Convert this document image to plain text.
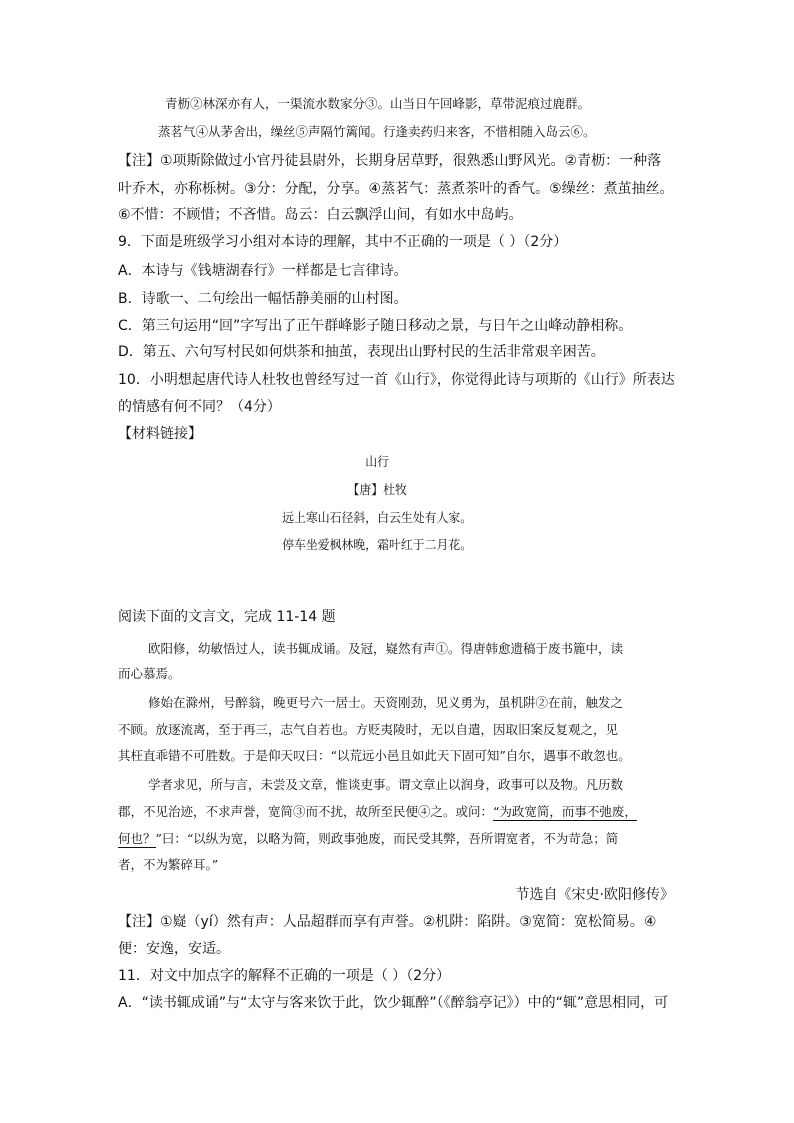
青枥②林深亦有人，一渠流水数家分③。山当日午回峰影，草带泥痕过鹿群。
蒸茗气④从茅舍出，缲丝⑤声隔竹篱闻。行逢卖药归来客，不惜相随入岛云⑥。
【注】①项斯除做过小官丹徒县尉外，长期身居草野，很熟悉山野风光。②青枥：一种落
叶乔木，亦称栎树。③分：分配，分享。④蒸茗气：蒸煮茶叶的香气。⑤缲丝：煮茧抽丝。
⑥不惜：不顾惜；不吝惜。岛云：白云飘浮山间，有如水中岛屿。
9．下面是班级学习小组对本诗的理解，其中不正确的一项是（ ）（2分）
A．本诗与《钱塘湖春行》一样都是七言律诗。
B．诗歌一、二句绘出一幅恬静美丽的山村图。
C．第三句运用“回”字写出了正午群峰影子随日移动之景，与日午之山峰动静相称。
D．第五、六句写村民如何烘茶和抽茧，表现出山野村民的生活非常艰辛困苦。
10．小明想起唐代诗人杜牧也曾经写过一首《山行》，你觉得此诗与项斯的《山行》所表达
的情感有何不同？（4分）
【材料链接】
山行
【唐】杜牧
远上寒山石径斜，白云生处有人家。
停车坐爱枫林晚，霜叶红于二月花。
阅读下面的文言文，完成 11-14 题
欧阳修，幼敏悟过人，读书辄成诵。及冠，嶷然有声①。得唐韩愈遗稿于废书簏中，读
而心慕焉。
修始在滁州，号醉翁，晚更号六一居士。天资刚劲，见义勇为，虽机阱②在前，触发之
不顾。放逐流离，至于再三，志气自若也。方贬夷陵时，无以自遣，因取旧案反复观之，见
其枉直乖错不可胜数。于是仰天叹曰：“以荒远小邑且如此天下固可知”自尔，遇事不敢忽也。
学者求见，所与言，未尝及文章，惟谈吏事。谓文章止以润身，政事可以及物。凡历数
郡，不见治迹，不求声誉，宽简③而不扰，故所至民便④之。或问：“为政宽简，而事不弛废，
何也？”曰：“以纵为宽，以略为简，则政事弛废，而民受其弊，吾所谓宽者，不为苛急；简
者，不为繁碎耳。”
节选自《宋史·欧阳修传》
【注】①嶷（yí）然有声：人品超群而享有声誉。②机阱：陷阱。③宽简：宽松简易。④
便：安逸，安适。
11．对文中加点字的解释不正确的一项是（ ）（2分）
A．“读书辄成诵”与“太守与客来饮于此，饮少辄醉”（《醉翁亭记》）中的“辄”意思相同，可
